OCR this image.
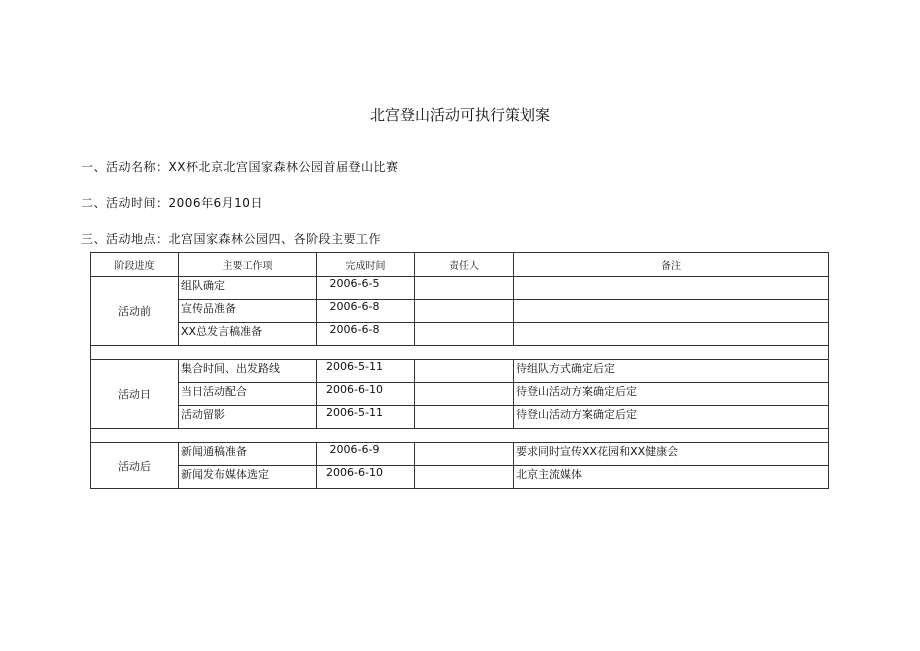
北宫登山活动可执行策划案
一、活动名称：XX杯北京北宫国家森林公园首届登山比赛
二、活动时间：2006年6月10日
三、活动地点：北宫国家森林公园四、各阶段主要工作
阶段进度	主要工作项	完成时间	责任人	备注
活动前	组队确定	2006-6-5		
	宣传品准备	2006-6-8		
	XX总发言稿准备	2006-6-8		

活动日	集合时间、出发路线	2006-5-11		待组队方式确定后定
	当日活动配合	2006-6-10		待登山活动方案确定后定
	活动留影	2006-5-11		待登山活动方案确定后定

活动后	新闻通稿准备	2006-6-9		要求同时宣传XX花园和XX健康会
	新闻发布媒体选定	2006-6-10		北京主流媒体
